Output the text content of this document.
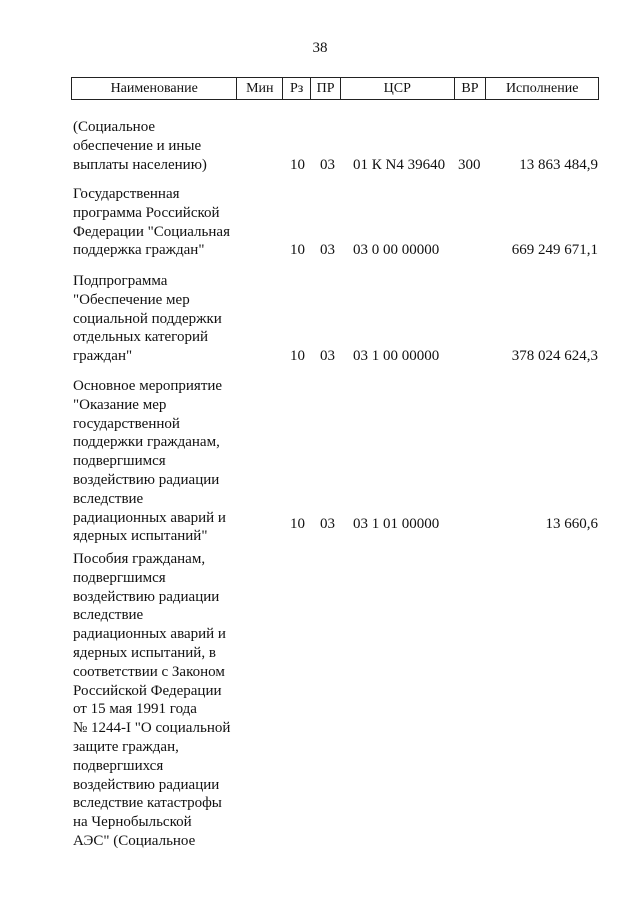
38
Наименование	Мин	Рз ПР	ЦСР	ВР	Исполнение
(Социальное
обеспечение и иные
выплаты населению)	10 03 01 К N4 39640 300	13 863 484,9
Государственная
программа Российской
Федерации "Социальная
поддержка граждан"	10 03 03 0 00 00000	669 249 671,1
Подпрограмма
"Обеспечение мер
социальной поддержки
отдельных категорий
граждан"	10 03 03 1 00 00000	378 024 624,3
Основное мероприятие
"Оказание мер
государственной
поддержки гражданам,
подвергшимся
воздействию радиации
вследствие
радиационных аварий и
ядерных испытаний"
10 03 03 1 01 00000	13 660,6
Пособия гражданам,
подвергшимся
воздействию радиации
вследствие
радиационных аварий и
ядерных испытаний, в
соответствии с Законом
Российской Федерации
от 15 мая 1991 года
№ 1244-I "О социальной
защите граждан,
подвергшихся
воздействию радиации
вследствие катастрофы
на Чернобыльской
АЭС" (Социальное
